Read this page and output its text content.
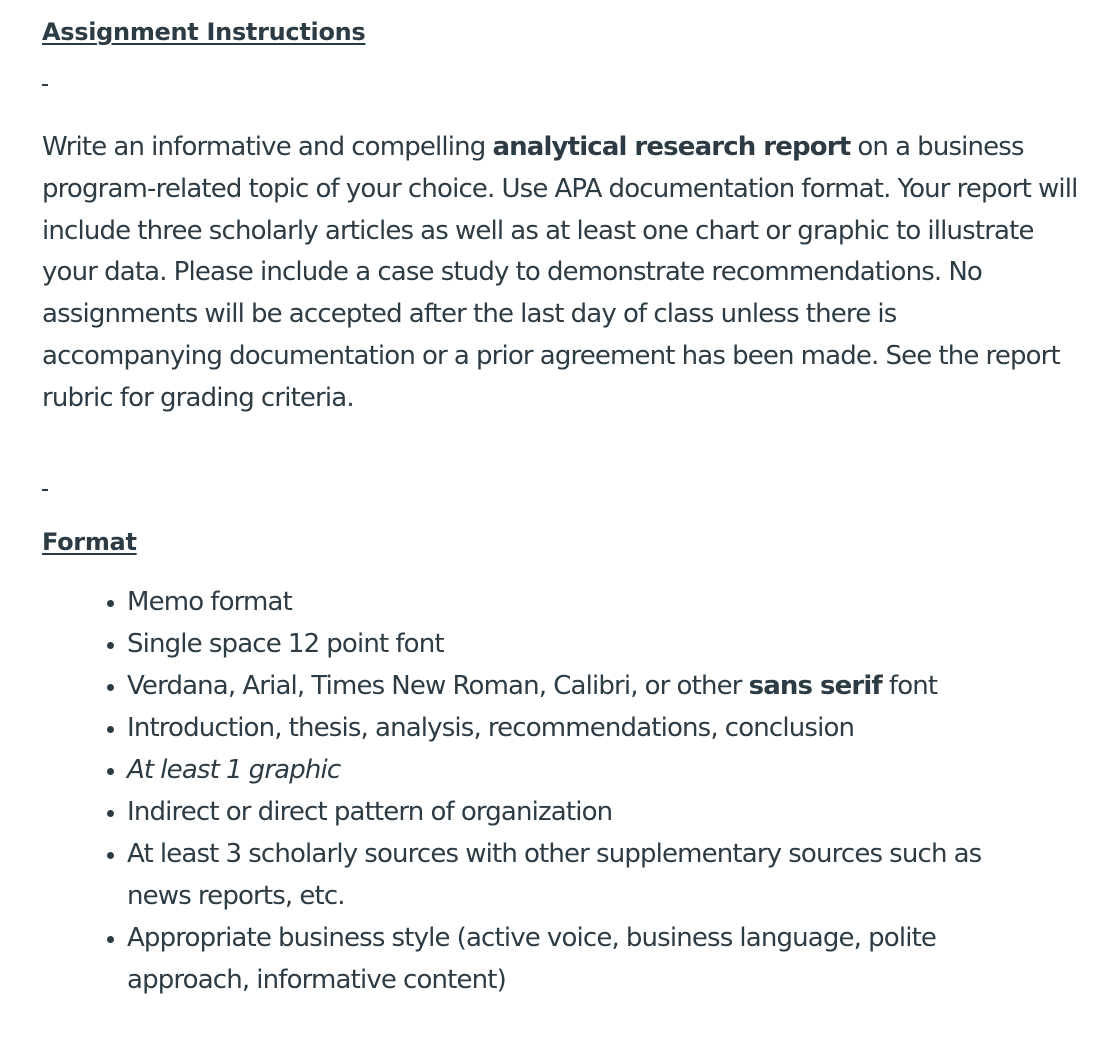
Assignment Instructions

Write an informative and compelling analytical research report on a business program-related topic of your choice. Use APA documentation format. Your report will include three scholarly articles as well as at least one chart or graphic to illustrate your data. Please include a case study to demonstrate recommendations. No assignments will be accepted after the last day of class unless there is accompanying documentation or a prior agreement has been made. See the report rubric for grading criteria.

Format
Memo format
Single space 12 point font
Verdana, Arial, Times New Roman, Calibri, or other sans serif font
Introduction, thesis, analysis, recommendations, conclusion
At least 1 graphic
Indirect or direct pattern of organization
At least 3 scholarly sources with other supplementary sources such as news reports, etc.
Appropriate business style (active voice, business language, polite approach, informative content)
